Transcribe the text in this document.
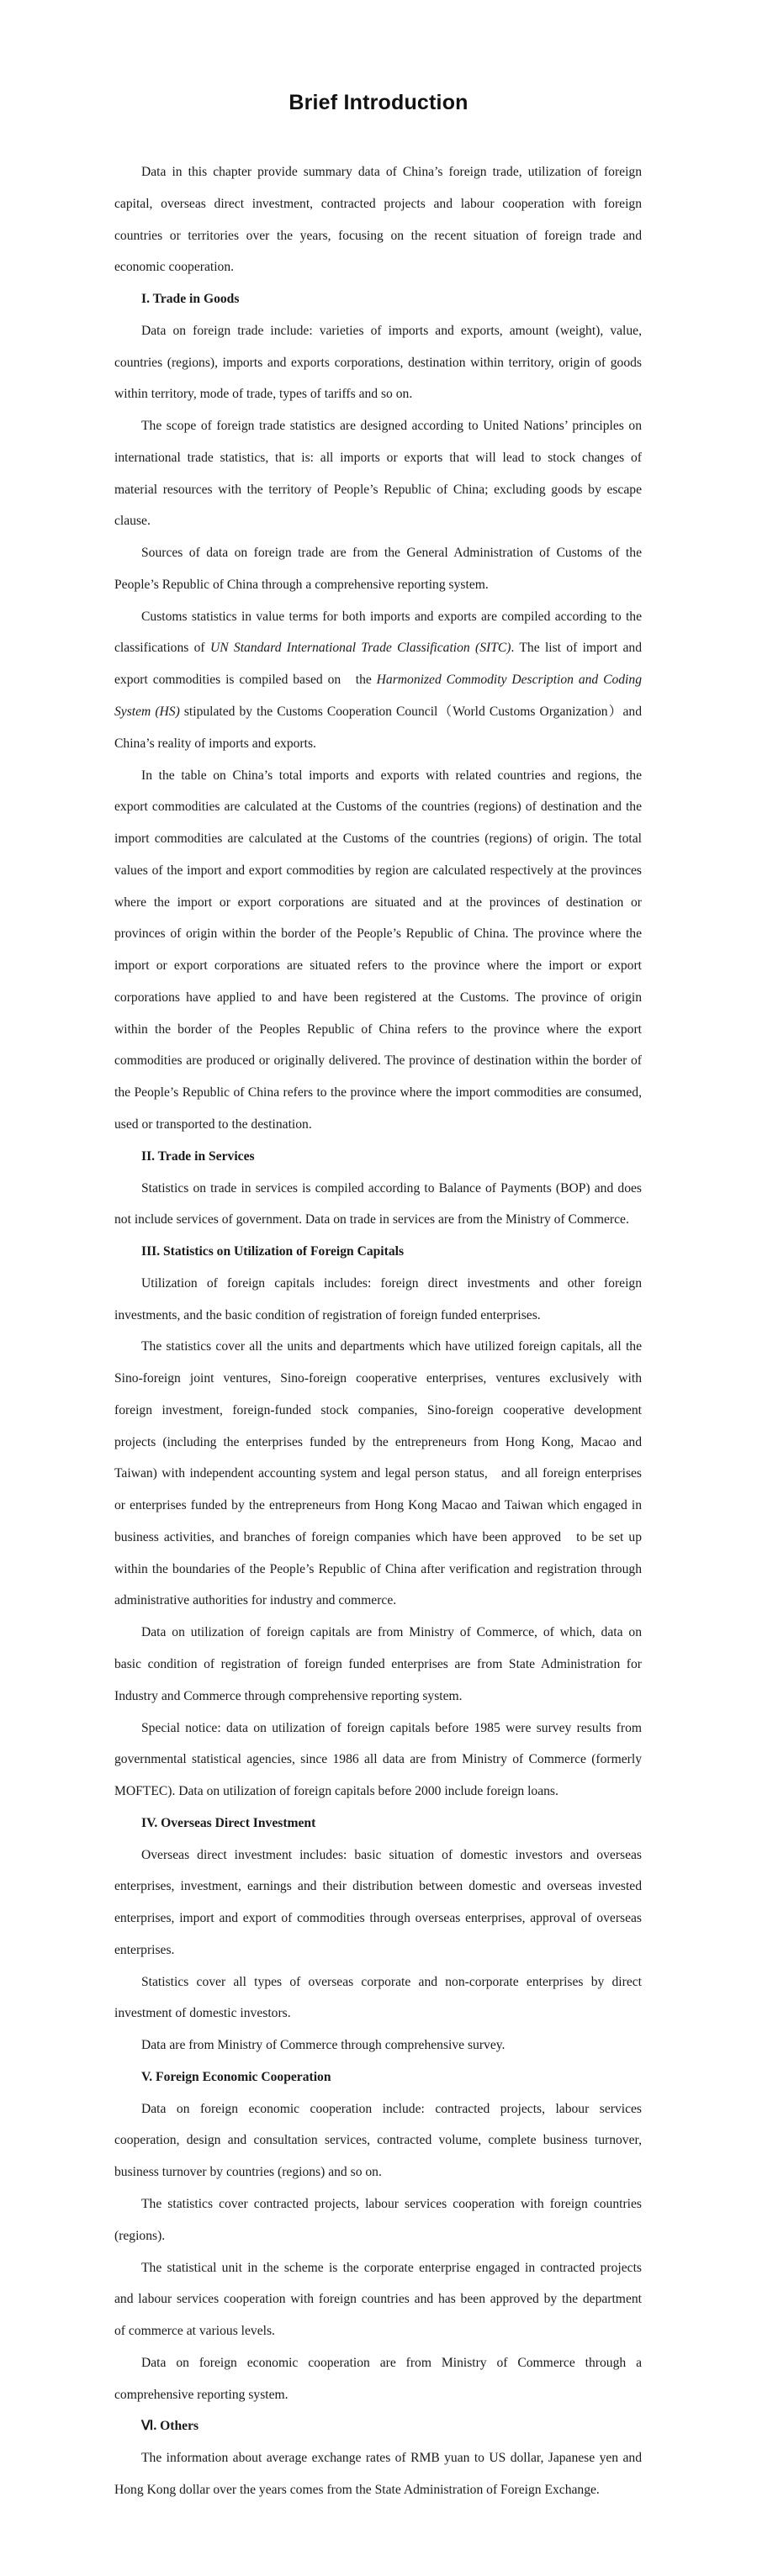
Brief Introduction
Data in this chapter provide summary data of China’s foreign trade, utilization of foreign
capital, overseas direct investment, contracted projects and labour cooperation with foreign
countries or territories over the years, focusing on the recent situation of foreign trade and
economic cooperation.
I. Trade in Goods
Data on foreign trade include: varieties of imports and exports, amount (weight), value,
countries (regions), imports and exports corporations, destination within territory, origin of goods
within territory, mode of trade, types of tariffs and so on.
The scope of foreign trade statistics are designed according to United Nations’ principles on
international trade statistics, that is: all imports or exports that will lead to stock changes of
material resources with the territory of People’s Republic of China; excluding goods by escape
clause.
Sources of data on foreign trade are from the General Administration of Customs of the
People’s Republic of China through a comprehensive reporting system.
Customs statistics in value terms for both imports and exports are compiled according to the
classifications of UN Standard International Trade Classification (SITC). The list of import and
export commodities is compiled based on   the Harmonized Commodity Description and Coding
System (HS) stipulated by the Customs Cooperation Council（World Customs Organization）and
China’s reality of imports and exports.
In the table on China’s total imports and exports with related countries and regions, the
export commodities are calculated at the Customs of the countries (regions) of destination and the
import commodities are calculated at the Customs of the countries (regions) of origin. The total
values of the import and export commodities by region are calculated respectively at the provinces
where the import or export corporations are situated and at the provinces of destination or
provinces of origin within the border of the People’s Republic of China. The province where the
import or export corporations are situated refers to the province where the import or export
corporations have applied to and have been registered at the Customs. The province of origin
within the border of the Peoples Republic of China refers to the province where the export
commodities are produced or originally delivered. The province of destination within the border of
the People’s Republic of China refers to the province where the import commodities are consumed,
used or transported to the destination.
II. Trade in Services
Statistics on trade in services is compiled according to Balance of Payments (BOP) and does
not include services of government. Data on trade in services are from the Ministry of Commerce.
III. Statistics on Utilization of Foreign Capitals
Utilization of foreign capitals includes: foreign direct investments and other foreign
investments, and the basic condition of registration of foreign funded enterprises.
The statistics cover all the units and departments which have utilized foreign capitals, all the
Sino-foreign joint ventures, Sino-foreign cooperative enterprises, ventures exclusively with
foreign investment, foreign-funded stock companies, Sino-foreign cooperative development
projects (including the enterprises funded by the entrepreneurs from Hong Kong, Macao and
Taiwan) with independent accounting system and legal person status,   and all foreign enterprises
or enterprises funded by the entrepreneurs from Hong Kong Macao and Taiwan which engaged in
business activities, and branches of foreign companies which have been approved   to be set up
within the boundaries of the People’s Republic of China after verification and registration through
administrative authorities for industry and commerce.
Data on utilization of foreign capitals are from Ministry of Commerce, of which, data on
basic condition of registration of foreign funded enterprises are from State Administration for
Industry and Commerce through comprehensive reporting system.
Special notice: data on utilization of foreign capitals before 1985 were survey results from
governmental statistical agencies, since 1986 all data are from Ministry of Commerce (formerly
MOFTEC). Data on utilization of foreign capitals before 2000 include foreign loans.
IV. Overseas Direct Investment
Overseas direct investment includes: basic situation of domestic investors and overseas
enterprises, investment, earnings and their distribution between domestic and overseas invested
enterprises, import and export of commodities through overseas enterprises, approval of overseas
enterprises.
Statistics cover all types of overseas corporate and non-corporate enterprises by direct
investment of domestic investors.
Data are from Ministry of Commerce through comprehensive survey.
V. Foreign Economic Cooperation
Data on foreign economic cooperation include: contracted projects, labour services
cooperation, design and consultation services, contracted volume, complete business turnover,
business turnover by countries (regions) and so on.
The statistics cover contracted projects, labour services cooperation with foreign countries
(regions).
The statistical unit in the scheme is the corporate enterprise engaged in contracted projects
and labour services cooperation with foreign countries and has been approved by the department
of commerce at various levels.
Data on foreign economic cooperation are from Ministry of Commerce through a
comprehensive reporting system.
Ⅵ. Others
The information about average exchange rates of RMB yuan to US dollar, Japanese yen and
Hong Kong dollar over the years comes from the State Administration of Foreign Exchange.
